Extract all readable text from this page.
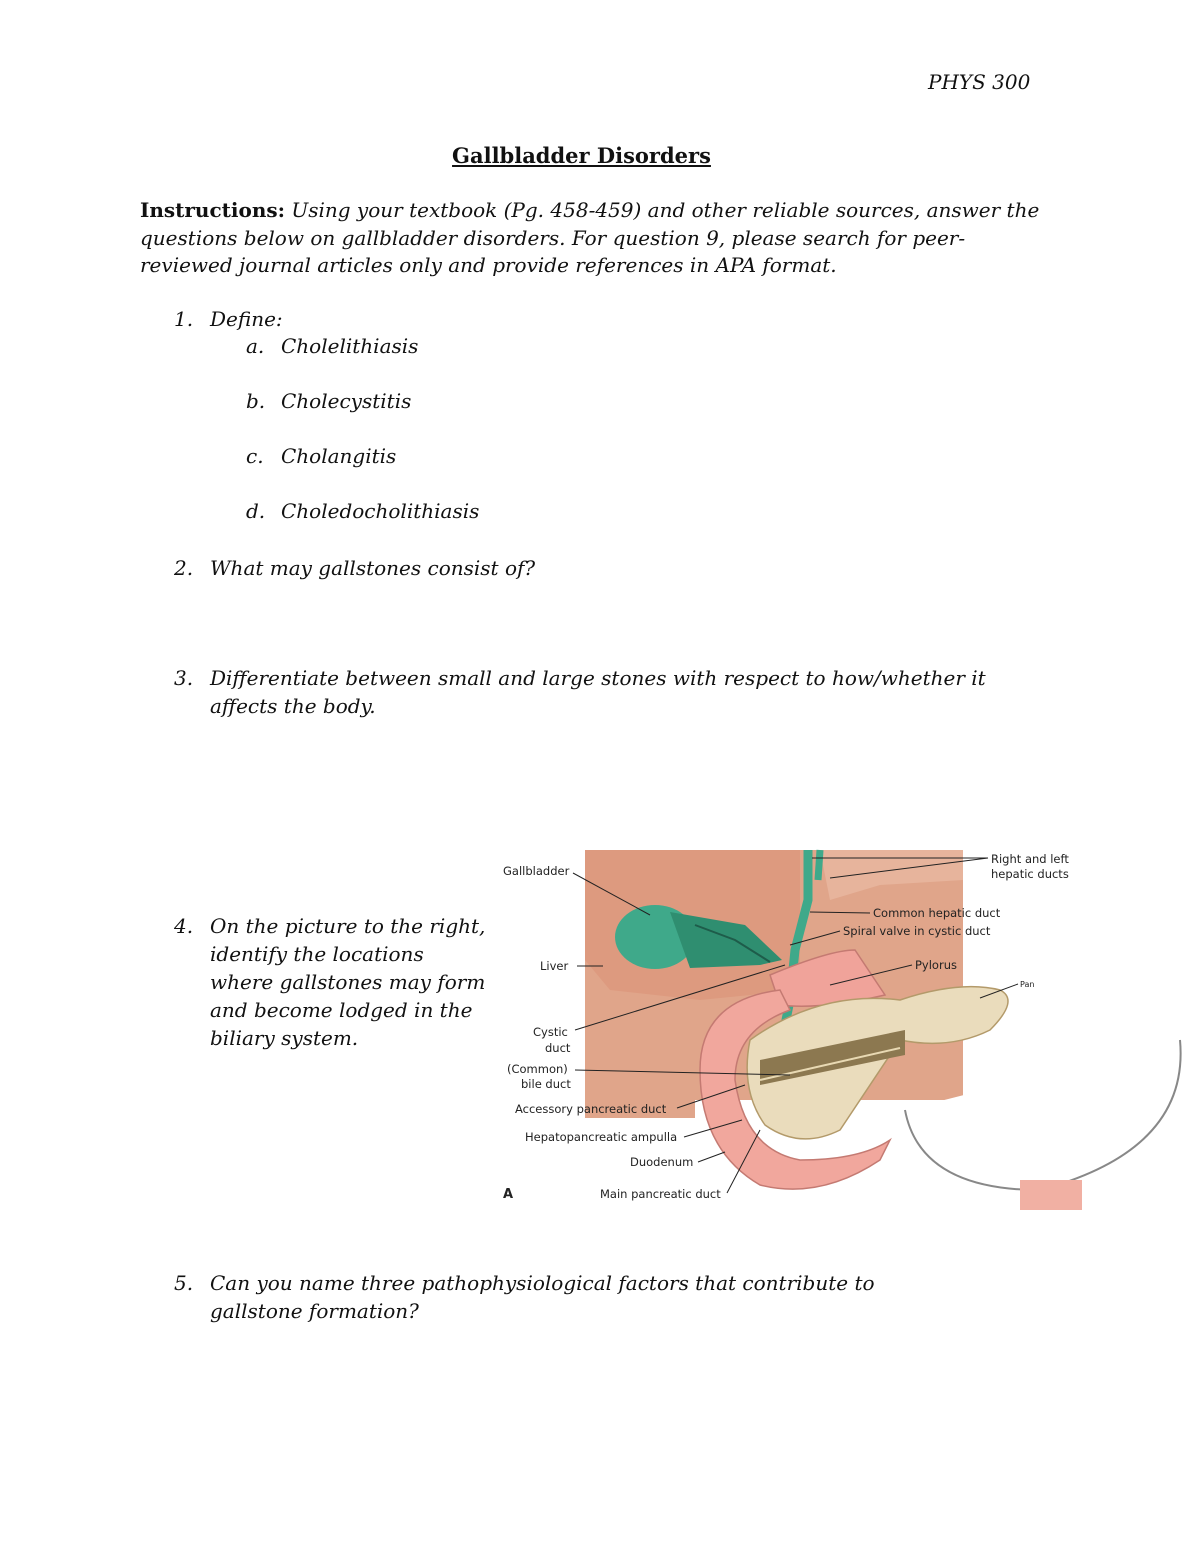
PHYS 300
Gallbladder Disorders
Instructions: Using your textbook (Pg. 458-459) and other reliable sources, answer the questions below on gallbladder disorders. For question 9, please search for peer-reviewed journal articles only and provide references in APA format.
1. Define:
a. Cholelithiasis
b. Cholecystitis
c. Cholangitis
d. Choledocholithiasis
2. What may gallstones consist of?
3. Differentiate between small and large stones with respect to how/whether it affects the body.
4. On the picture to the right, identify the locations where gallstones may form and become lodged in the biliary system.
5. Can you name three pathophysiological factors that contribute to gallstone formation?
Gallbladder
Liver
Cystic
duct
(Common)
bile duct
Accessory pancreatic duct
Hepatopancreatic ampulla
Duodenum
Main pancreatic duct
A
Right and left
hepatic ducts
Common hepatic duct
Spiral valve in cystic duct
Pylorus
Pan
